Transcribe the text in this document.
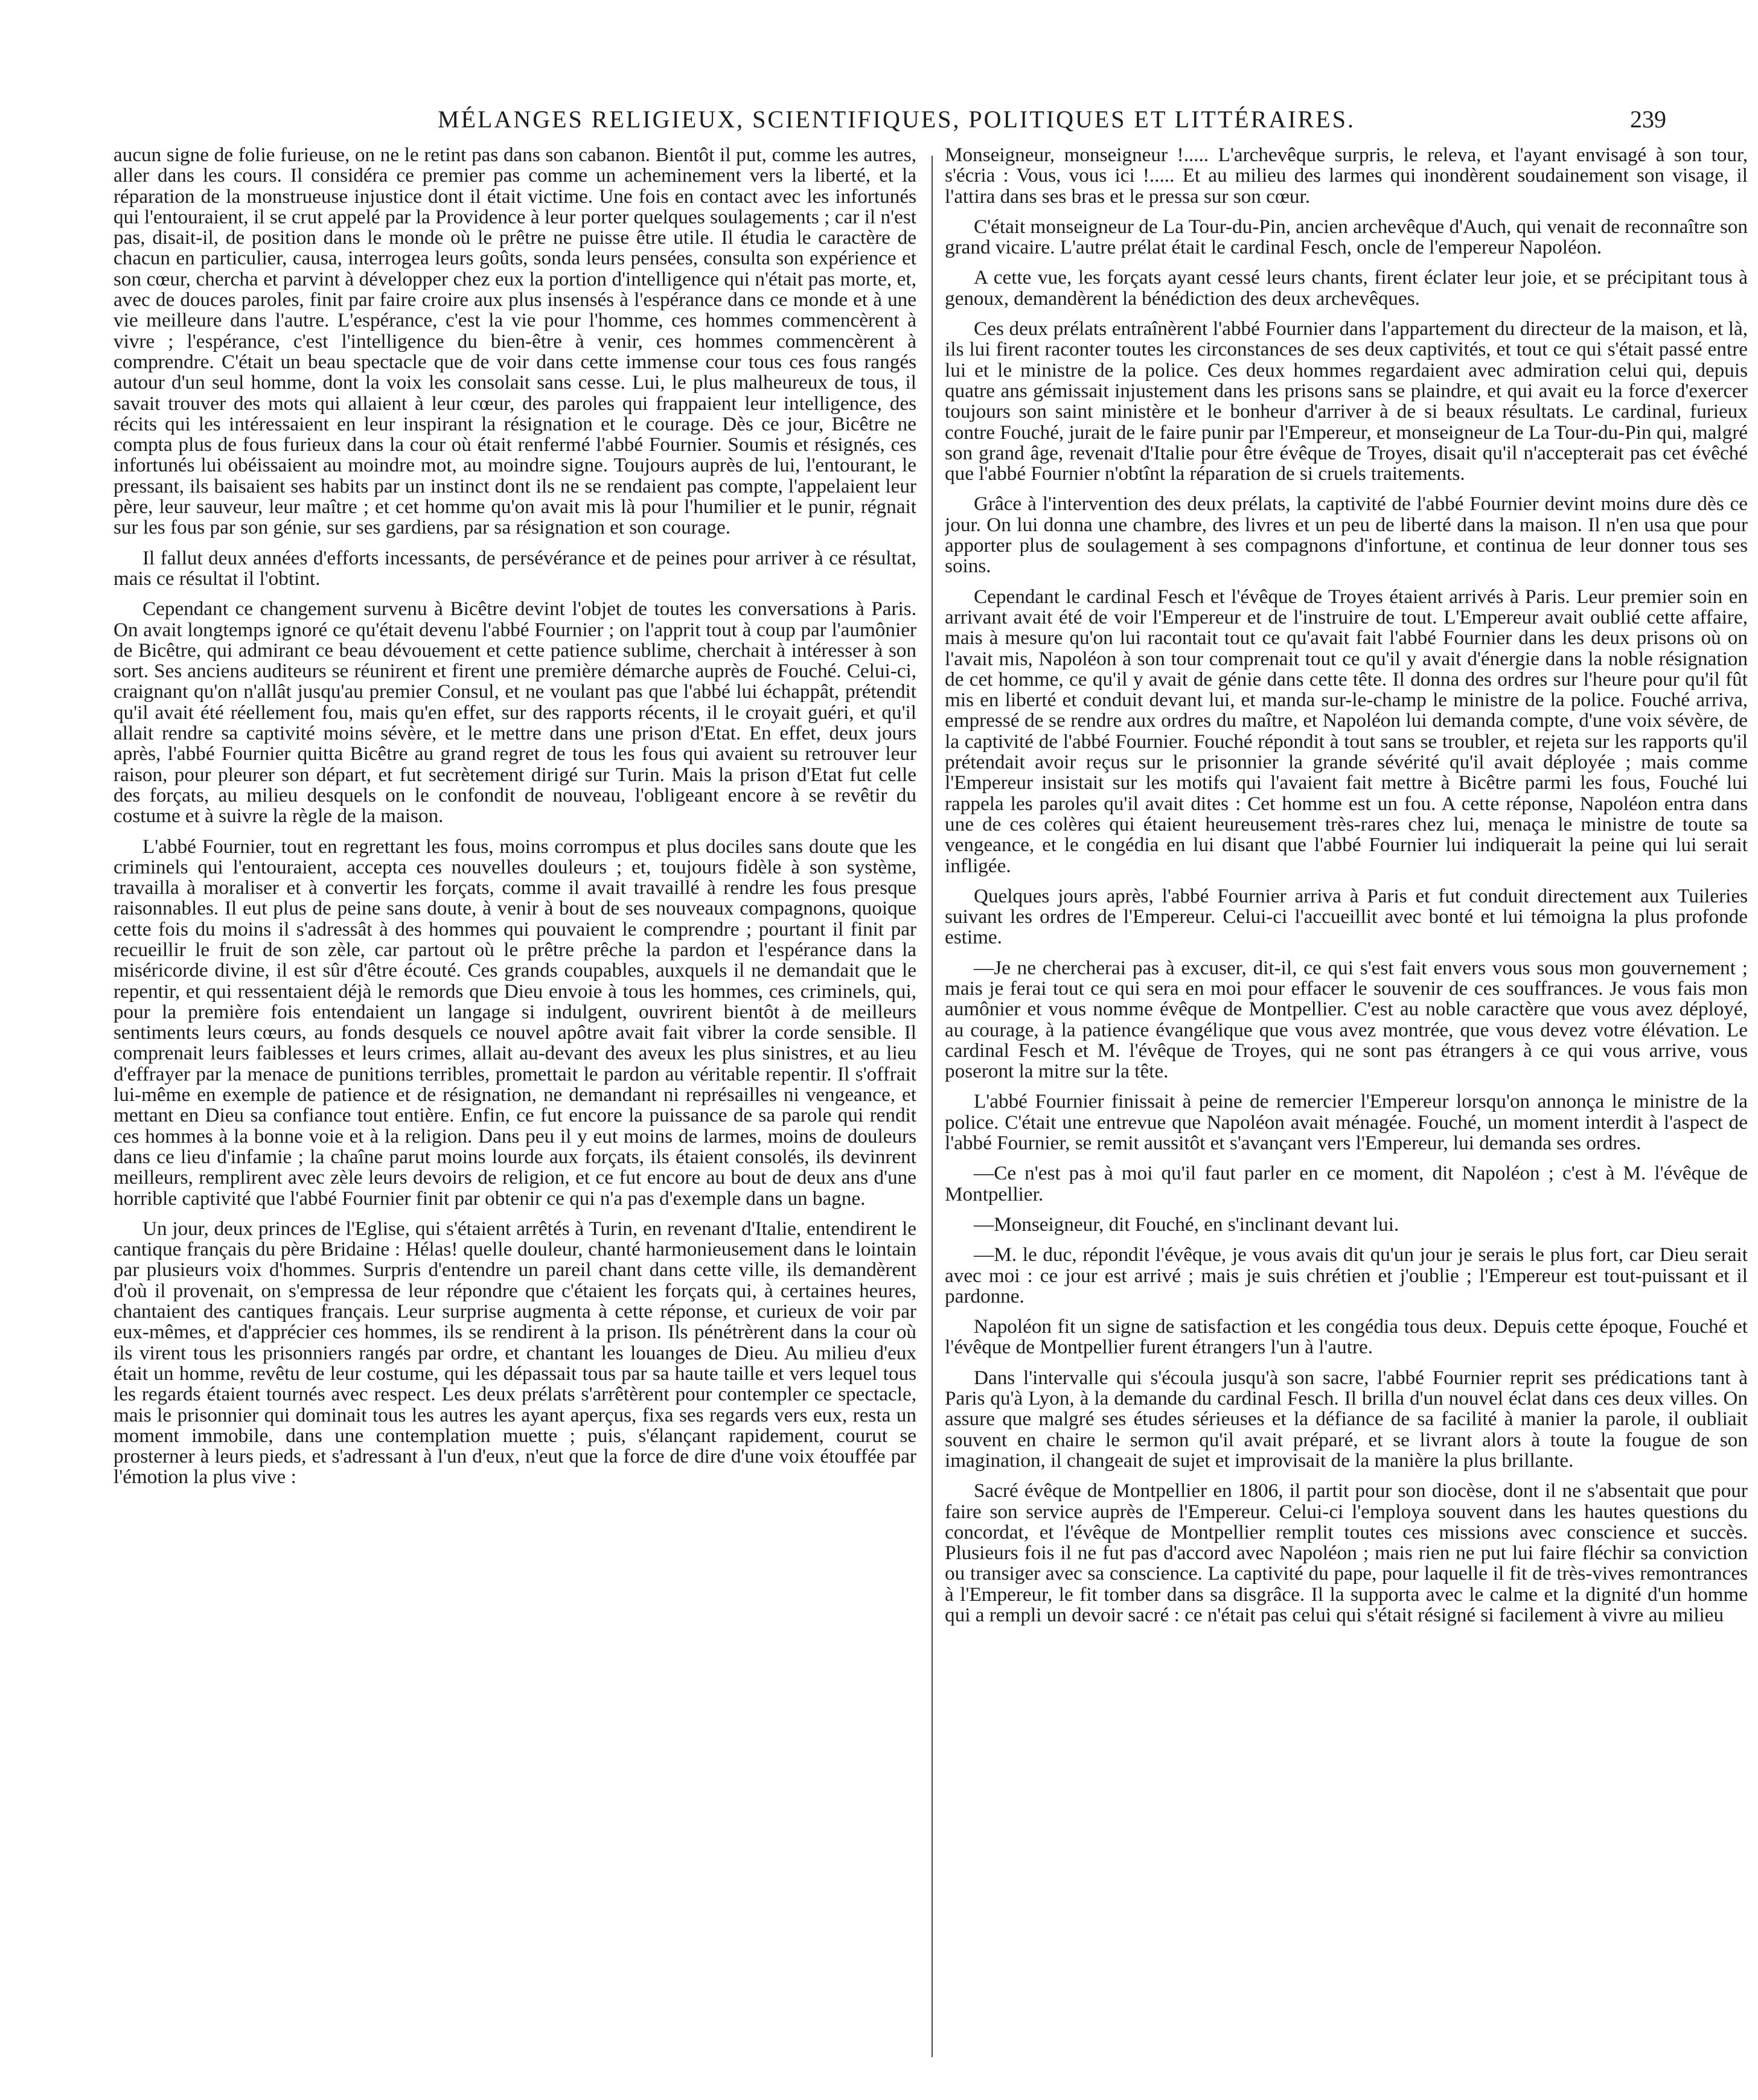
MÉLANGES RELIGIEUX, SCIENTIFIQUES, POLITIQUES ET LITTÉRAIRES.	239

aucun signe de folie furieuse, on ne le retint pas dans son cabanon. Bientôt il put, comme les autres, aller dans les cours. Il considéra ce premier pas comme un acheminement vers la liberté, et la réparation de la monstrueuse injustice dont il était victime. Une fois en contact avec les infortunés qui l'entouraient, il se crut appelé par la Providence à leur porter quelques soulagements ; car il n'est pas, disait-il, de position dans le monde où le prêtre ne puisse être utile. Il étudia le caractère de chacun en particulier, causa, interrogea leurs goûts, sonda leurs pensées, consulta son expérience et son cœur, chercha et parvint à développer chez eux la portion d'intelligence qui n'était pas morte, et, avec de douces paroles, finit par faire croire aux plus insensés à l'espérance dans ce monde et à une vie meilleure dans l'autre. L'espérance, c'est la vie pour l'homme, ces hommes commencèrent à vivre ; l'espérance, c'est l'intelligence du bien-être à venir, ces hommes commencèrent à comprendre. C'était un beau spectacle que de voir dans cette immense cour tous ces fous rangés autour d'un seul homme, dont la voix les consolait sans cesse. Lui, le plus malheureux de tous, il savait trouver des mots qui allaient à leur cœur, des paroles qui frappaient leur intelligence, des récits qui les intéressaient en leur inspirant la résignation et le courage. Dès ce jour, Bicêtre ne compta plus de fous furieux dans la cour où était renfermé l'abbé Fournier. Soumis et résignés, ces infortunés lui obéissaient au moindre mot, au moindre signe. Toujours auprès de lui, l'entourant, le pressant, ils baisaient ses habits par un instinct dont ils ne se rendaient pas compte, l'appelaient leur père, leur sauveur, leur maître ; et cet homme qu'on avait mis là pour l'humilier et le punir, régnait sur les fous par son génie, sur ses gardiens, par sa résignation et son courage.

Il fallut deux années d'efforts incessants, de persévérance et de peines pour arriver à ce résultat, mais ce résultat il l'obtint.

Cependant ce changement survenu à Bicêtre devint l'objet de toutes les conversations à Paris. On avait longtemps ignoré ce qu'était devenu l'abbé Fournier ; on l'apprit tout à coup par l'aumônier de Bicêtre, qui admirant ce beau dévouement et cette patience sublime, cherchait à intéresser à son sort. Ses anciens auditeurs se réunirent et firent une première démarche auprès de Fouché. Celui-ci, craignant qu'on n'allât jusqu'au premier Consul, et ne voulant pas que l'abbé lui échappât, prétendit qu'il avait été réellement fou, mais qu'en effet, sur des rapports récents, il le croyait guéri, et qu'il allait rendre sa captivité moins sévère, et le mettre dans une prison d'Etat. En effet, deux jours après, l'abbé Fournier quitta Bicêtre au grand regret de tous les fous qui avaient su retrouver leur raison, pour pleurer son départ, et fut secrètement dirigé sur Turin. Mais la prison d'Etat fut celle des forçats, au milieu desquels on le confondit de nouveau, l'obligeant encore à se revêtir du costume et à suivre la règle de la maison.

L'abbé Fournier, tout en regrettant les fous, moins corrompus et plus dociles sans doute que les criminels qui l'entouraient, accepta ces nouvelles douleurs ; et, toujours fidèle à son système, travailla à moraliser et à convertir les forçats, comme il avait travaillé à rendre les fous presque raisonnables. Il eut plus de peine sans doute, à venir à bout de ses nouveaux compagnons, quoique cette fois du moins il s'adressât à des hommes qui pouvaient le comprendre ; pourtant il finit par recueillir le fruit de son zèle, car partout où le prêtre prêche la pardon et l'espérance dans la miséricorde divine, il est sûr d'être écouté. Ces grands coupables, auxquels il ne demandait que le repentir, et qui ressentaient déjà le remords que Dieu envoie à tous les hommes, ces criminels, qui, pour la première fois entendaient un langage si indulgent, ouvrirent bientôt à de meilleurs sentiments leurs cœurs, au fonds desquels ce nouvel apôtre avait fait vibrer la corde sensible. Il comprenait leurs faiblesses et leurs crimes, allait au-devant des aveux les plus sinistres, et au lieu d'effrayer par la menace de punitions terribles, promettait le pardon au véritable repentir. Il s'offrait lui-même en exemple de patience et de résignation, ne demandant ni représailles ni vengeance, et mettant en Dieu sa confiance tout entière. Enfin, ce fut encore la puissance de sa parole qui rendit ces hommes à la bonne voie et à la religion. Dans peu il y eut moins de larmes, moins de douleurs dans ce lieu d'infamie ; la chaîne parut moins lourde aux forçats, ils étaient consolés, ils devinrent meilleurs, remplirent avec zèle leurs devoirs de religion, et ce fut encore au bout de deux ans d'une horrible captivité que l'abbé Fournier finit par obtenir ce qui n'a pas d'exemple dans un bagne.

Un jour, deux princes de l'Eglise, qui s'étaient arrêtés à Turin, en revenant d'Italie, entendirent le cantique français du père Bridaine : Hélas! quelle douleur, chanté harmonieusement dans le lointain par plusieurs voix d'hommes. Surpris d'entendre un pareil chant dans cette ville, ils demandèrent d'où il provenait, on s'empressa de leur répondre que c'étaient les forçats qui, à certaines heures, chantaient des cantiques français. Leur surprise augmenta à cette réponse, et curieux de voir par eux-mêmes, et d'apprécier ces hommes, ils se rendirent à la prison. Ils pénétrèrent dans la cour où ils virent tous les prisonniers rangés par ordre, et chantant les louanges de Dieu. Au milieu d'eux était un homme, revêtu de leur costume, qui les dépassait tous par sa haute taille et vers lequel tous les regards étaient tournés avec respect. Les deux prélats s'arrêtèrent pour contempler ce spectacle, mais le prisonnier qui dominait tous les autres les ayant aperçus, fixa ses regards vers eux, resta un moment immobile, dans une contemplation muette ; puis, s'élançant rapidement, courut se prosterner à leurs pieds, et s'adressant à l'un d'eux, n'eut que la force de dire d'une voix étouffée par l'émotion la plus vive :

Monseigneur, monseigneur !..... L'archevêque surpris, le releva, et l'ayant envisagé à son tour, s'écria : Vous, vous ici !..... Et au milieu des larmes qui inondèrent soudainement son visage, il l'attira dans ses bras et le pressa sur son cœur.

C'était monseigneur de La Tour-du-Pin, ancien archevêque d'Auch, qui venait de reconnaître son grand vicaire. L'autre prélat était le cardinal Fesch, oncle de l'empereur Napoléon.

A cette vue, les forçats ayant cessé leurs chants, firent éclater leur joie, et se précipitant tous à genoux, demandèrent la bénédiction des deux archevêques.

Ces deux prélats entraînèrent l'abbé Fournier dans l'appartement du directeur de la maison, et là, ils lui firent raconter toutes les circonstances de ses deux captivités, et tout ce qui s'était passé entre lui et le ministre de la police. Ces deux hommes regardaient avec admiration celui qui, depuis quatre ans gémissait injustement dans les prisons sans se plaindre, et qui avait eu la force d'exercer toujours son saint ministère et le bonheur d'arriver à de si beaux résultats. Le cardinal, furieux contre Fouché, jurait de le faire punir par l'Empereur, et monseigneur de La Tour-du-Pin qui, malgré son grand âge, revenait d'Italie pour être évêque de Troyes, disait qu'il n'accepterait pas cet évêché que l'abbé Fournier n'obtînt la réparation de si cruels traitements.

Grâce à l'intervention des deux prélats, la captivité de l'abbé Fournier devint moins dure dès ce jour. On lui donna une chambre, des livres et un peu de liberté dans la maison. Il n'en usa que pour apporter plus de soulagement à ses compagnons d'infortune, et continua de leur donner tous ses soins.

Cependant le cardinal Fesch et l'évêque de Troyes étaient arrivés à Paris. Leur premier soin en arrivant avait été de voir l'Empereur et de l'instruire de tout. L'Empereur avait oublié cette affaire, mais à mesure qu'on lui racontait tout ce qu'avait fait l'abbé Fournier dans les deux prisons où on l'avait mis, Napoléon à son tour comprenait tout ce qu'il y avait d'énergie dans la noble résignation de cet homme, ce qu'il y avait de génie dans cette tête. Il donna des ordres sur l'heure pour qu'il fût mis en liberté et conduit devant lui, et manda sur-le-champ le ministre de la police. Fouché arriva, empressé de se rendre aux ordres du maître, et Napoléon lui demanda compte, d'une voix sévère, de la captivité de l'abbé Fournier. Fouché répondit à tout sans se troubler, et rejeta sur les rapports qu'il prétendait avoir reçus sur le prisonnier la grande sévérité qu'il avait déployée ; mais comme l'Empereur insistait sur les motifs qui l'avaient fait mettre à Bicêtre parmi les fous, Fouché lui rappela les paroles qu'il avait dites : Cet homme est un fou. A cette réponse, Napoléon entra dans une de ces colères qui étaient heureusement très-rares chez lui, menaça le ministre de toute sa vengeance, et le congédia en lui disant que l'abbé Fournier lui indiquerait la peine qui lui serait infligée.

Quelques jours après, l'abbé Fournier arriva à Paris et fut conduit directement aux Tuileries suivant les ordres de l'Empereur. Celui-ci l'accueillit avec bonté et lui témoigna la plus profonde estime.

—Je ne chercherai pas à excuser, dit-il, ce qui s'est fait envers vous sous mon gouvernement ; mais je ferai tout ce qui sera en moi pour effacer le souvenir de ces souffrances. Je vous fais mon aumônier et vous nomme évêque de Montpellier. C'est au noble caractère que vous avez déployé, au courage, à la patience évangélique que vous avez montrée, que vous devez votre élévation. Le cardinal Fesch et M. l'évêque de Troyes, qui ne sont pas étrangers à ce qui vous arrive, vous poseront la mitre sur la tête.

L'abbé Fournier finissait à peine de remercier l'Empereur lorsqu'on annonça le ministre de la police. C'était une entrevue que Napoléon avait ménagée. Fouché, un moment interdit à l'aspect de l'abbé Fournier, se remit aussitôt et s'avançant vers l'Empereur, lui demanda ses ordres.

—Ce n'est pas à moi qu'il faut parler en ce moment, dit Napoléon ; c'est à M. l'évêque de Montpellier.

—Monseigneur, dit Fouché, en s'inclinant devant lui.

—M. le duc, répondit l'évêque, je vous avais dit qu'un jour je serais le plus fort, car Dieu serait avec moi : ce jour est arrivé ; mais je suis chrétien et j'oublie ; l'Empereur est tout-puissant et il pardonne.

Napoléon fit un signe de satisfaction et les congédia tous deux. Depuis cette époque, Fouché et l'évêque de Montpellier furent étrangers l'un à l'autre.

Dans l'intervalle qui s'écoula jusqu'à son sacre, l'abbé Fournier reprit ses prédications tant à Paris qu'à Lyon, à la demande du cardinal Fesch. Il brilla d'un nouvel éclat dans ces deux villes. On assure que malgré ses études sérieuses et la défiance de sa facilité à manier la parole, il oubliait souvent en chaire le sermon qu'il avait préparé, et se livrant alors à toute la fougue de son imagination, il changeait de sujet et improvisait de la manière la plus brillante.

Sacré évêque de Montpellier en 1806, il partit pour son diocèse, dont il ne s'absentait que pour faire son service auprès de l'Empereur. Celui-ci l'employa souvent dans les hautes questions du concordat, et l'évêque de Montpellier remplit toutes ces missions avec conscience et succès. Plusieurs fois il ne fut pas d'accord avec Napoléon ; mais rien ne put lui faire fléchir sa conviction ou transiger avec sa conscience. La captivité du pape, pour laquelle il fit de très-vives remontrances à l'Empereur, le fit tomber dans sa disgrâce. Il la supporta avec le calme et la dignité d'un homme qui a rempli un devoir sacré : ce n'était pas celui qui s'était résigné si facilement à vivre au milieu
